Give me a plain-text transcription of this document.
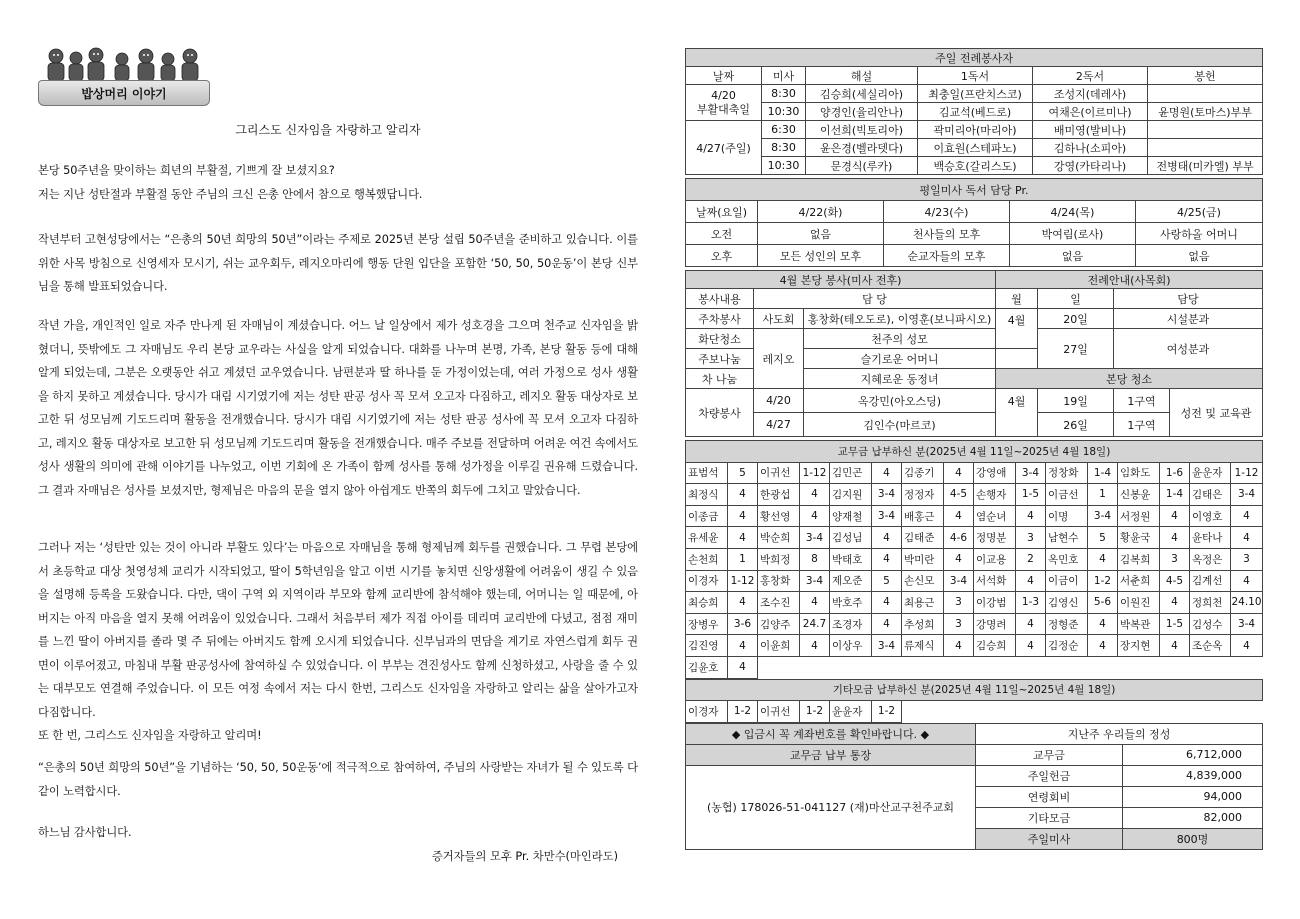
밥상머리 이야기
그리스도 신자임을 자랑하고 알리자
본당 50주년을 맞이하는 희년의 부활절, 기쁘게 잘 보셨지요?
저는 지난 성탄절과 부활절 동안 주님의 크신 은총 안에서 참으로 행복했답니다.
작년부터 고현성당에서는 “은총의 50년 희망의 50년”이라는 주제로 2025년 본당 설립 50주년을 준비하고 있습니다. 이를 위한 사목 방침으로 신영세자 모시기, 쉬는 교우회두, 레지오마리에 행동 단원 입단을 포함한 ‘50, 50, 50운동’이 본당 신부님을 통해 발표되었습니다.
작년 가을, 개인적인 일로 자주 만나게 된 자매님이 계셨습니다. 어느 날 일상에서 제가 성호경을 그으며 천주교 신자임을 밝혔더니, 뜻밖에도 그 자매님도 우리 본당 교우라는 사실을 알게 되었습니다. 대화를 나누며 본명, 가족, 본당 활동 등에 대해 알게 되었는데, 그분은 오랫동안 쉬고 계셨던 교우였습니다. 남편분과 딸 하나를 둔 가정이었는데, 여러 가정으로 성사 생활을 하지 못하고 계셨습니다. 당시가 대림 시기였기에 저는 성탄 판공 성사 꼭 모셔 오고자 다짐하고, 레지오 활동 대상자로 보고한 뒤 성모님께 기도드리며 활동을 전개했습니다. 당시가 대림 시기였기에 저는 성탄 판공 성사에 꼭 모셔 오고자 다짐하고, 레지오 활동 대상자로 보고한 뒤 성모님께 기도드리며 활동을 전개했습니다. 매주 주보를 전달하며 어려운 여건 속에서도 성사 생활의 의미에 관해 이야기를 나누었고, 이번 기회에 온 가족이 함께 성사를 통해 성가정을 이루길 권유해 드렸습니다. 그 결과 자매님은 성사를 보셨지만, 형제님은 마음의 문을 열지 않아 아쉽게도 반쪽의 회두에 그치고 말았습니다.
그러나 저는 ‘성탄만 있는 것이 아니라 부활도 있다’는 마음으로 자매님을 통해 형제님께 회두를 권했습니다. 그 무렵 본당에서 초등학교 대상 첫영성체 교리가 시작되었고, 딸이 5학년임을 알고 이번 시기를 놓치면 신앙생활에 어려움이 생길 수 있음을 설명해 등록을 도왔습니다. 다만, 댁이 구역 외 지역이라 부모와 함께 교리반에 참석해야 했는데, 어머니는 일 때문에, 아버지는 아직 마음을 열지 못해 어려움이 있었습니다. 그래서 처음부터 제가 직접 아이를 데리며 교리반에 다녔고, 점점 재미를 느낀 딸이 아버지를 졸라 몇 주 뒤에는 아버지도 함께 오시게 되었습니다. 신부님과의 면담을 계기로 자연스럽게 회두 권면이 이루어졌고, 마침내 부활 판공성사에 참여하실 수 있었습니다. 이 부부는 견진성사도 함께 신청하셨고, 사랑을 줄 수 있는 대부모도 연결해 주었습니다. 이 모든 여정 속에서 저는 다시 한번, 그리스도 신자임을 자랑하고 알리는 삶을 살아가고자 다짐합니다.
또 한 번, 그리스도 신자임을 자랑하고 알리며!
“은총의 50년 희망의 50년”을 기념하는 ‘50, 50, 50운동’에 적극적으로 참여하여, 주님의 사랑받는 자녀가 될 수 있도록 다 같이 노력합시다.
하느님 감사합니다.
증거자들의 모후 Pr. 차만수(마인라도)
주일 전례봉사자					
날짜	미사	해설	1독서	2독서	봉헌
4/20
부활대축일	8:30	김승희(세실리아)	최충일(프란치스코)	조성지(데레사)	
	10:30	양경인(율리안나)	김교석(베드로)	여채은(이르미나)	윤명원(토마스)부부
4/27(주일)	6:30	이선희(빅토리아)	곽미리아(마리아)	배미영(발비나)	
	8:30	윤은경(벨라뎃다)	이효원(스테파노)	김하나(소피아)	
	10:30	문경식(루카)	백승호(갈리스도)	강영(카타리나)	전병태(미카엘) 부부
평일미사 독서 담당 Pr.				
날짜(요일)	4/22(화)	4/23(수)	4/24(목)	4/25(금)
오전	없음	천사들의 모후	박여림(로사)	사랑하올 어머니
오후	모든 성인의 모후	순교자들의 모후	없음	없음
4월 본당 봉사(미사 전후)			전례안내(사목회)			
봉사내용	담 당		월	일	담당	
주차봉사	사도회	홍창화(테오도로), 이영훈(보니파시오)	4월	20일	시설분과	
화단청소	레지오	천주의 성모		27일	여성분과	
주보나눔		슬기로운 어머니				
차 나눔		지혜로운 동정녀	본당 청소			
차량봉사	4/20	옥강민(아오스딩)	4월	19일	1구역	성전 및 교육관
	4/27	김인수(마르코)		26일	1구역	
교무금 납부하신 분(2025년 4월 11일~2025년 4월 18일)															
표범석	5	이귀선	1-12	김민곤	4	김종기	4	강영애	3-4	정창화	1-4	임화도	1-6	윤운자	1-12
최정식	4	한광섭	4	김지원	3-4	정정자	4-5	손행자	1-5	이금선	1	신봉윤	1-4	김태은	3-4
이종금	4	황선영	4	양재철	3-4	배홍근	4	염순녀	4	이명	3-4	서정원	4	이영호	4
유세윤	4	박순희	3-4	김성님	4	김태준	4-6	정명분	3	남현수	5	황윤국	4	윤타나	4
손천희	1	박희정	8	박태호	4	박미란	4	이교용	2	옥민호	4	김복희	3	옥정은	3
이경자	1-12	홍창화	3-4	제오준	5	손신모	3-4	서석화	4	이금이	1-2	서춘희	4-5	김계선	4
최승희	4	조수진	4	박호주	4	최용근	3	이강범	1-3	김영신	5-6	이원진	4	정희천	24.10
장병우	3-6	김양주	24.7	조경자	4	추성희	3	강명려	4	정형준	4	박복관	1-5	김성수	3-4
김진영	4	이윤희	4	이상우	3-4	류제식	4	김승희	4	김정순	4	장지현	4	조순옥	4
김윤호	4														
기타모금 납부하신 분(2025년 4월 11일~2025년 4월 18일)
이경자	1-2	이귀선	1-2	윤윤자	1-2	
◆ 입금시 꼭 계좌번호를 확인바랍니다. ◆	지난주 우리들의 정성	
교무금 납부 통장	교무금	6,712,000
(농협) 178026-51-041127 (재)마산교구천주교회	주일헌금	4,839,000
	연령회비	94,000
	기타모금	82,000
	주일미사	800명
